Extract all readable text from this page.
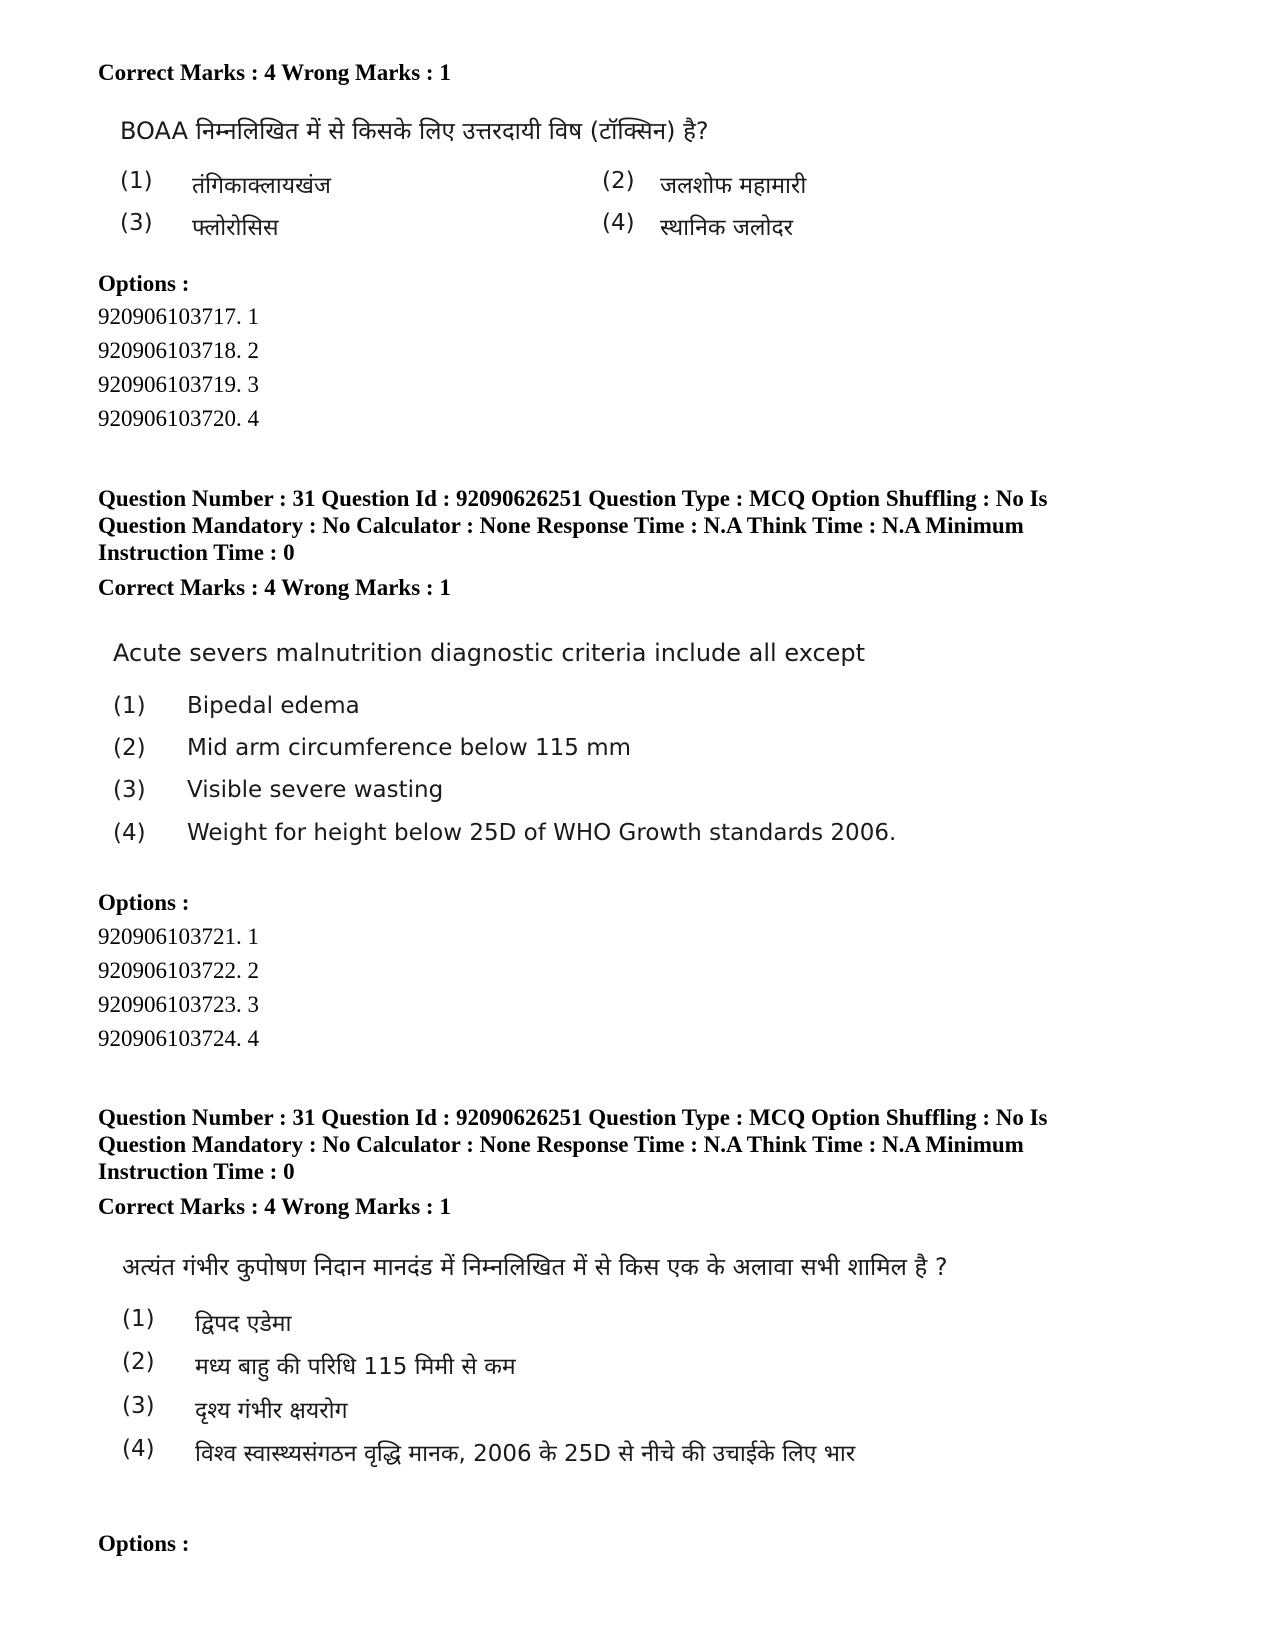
Correct Marks : 4 Wrong Marks : 1
BOAA निम्नलिखित में से किसके लिए उत्तरदायी विष (टॉक्सिन) है?
(1) तंगिकाक्लायखंज	(2) जलशोफ महामारी
(3) फ्लोरोसिस	(4) स्थानिक जलोदर
Options :
920906103717. 1
920906103718. 2
920906103719. 3
920906103720. 4
Question Number : 31 Question Id : 92090626251 Question Type : MCQ Option Shuffling : No Is Question Mandatory : No Calculator : None Response Time : N.A Think Time : N.A Minimum Instruction Time : 0
Correct Marks : 4 Wrong Marks : 1
Acute severs malnutrition diagnostic criteria include all except
(1) Bipedal edema
(2) Mid arm circumference below 115 mm
(3) Visible severe wasting
(4) Weight for height below 25D of WHO Growth standards 2006.
Options :
920906103721. 1
920906103722. 2
920906103723. 3
920906103724. 4
Question Number : 31 Question Id : 92090626251 Question Type : MCQ Option Shuffling : No Is Question Mandatory : No Calculator : None Response Time : N.A Think Time : N.A Minimum Instruction Time : 0
Correct Marks : 4 Wrong Marks : 1
अत्यंत गंभीर कुपोषण निदान मानदंड में निम्नलिखित में से किस एक के अलावा सभी शामिल है ?
(1) द्विपद एडेमा
(2) मध्य बाहु की परिधि 115 मिमी से कम
(3) दृश्य गंभीर क्षयरोग
(4) विश्व स्वास्थ्यसंगठन वृद्धि मानक, 2006 के 25D से नीचे की उचाईके लिए भार
Options :
